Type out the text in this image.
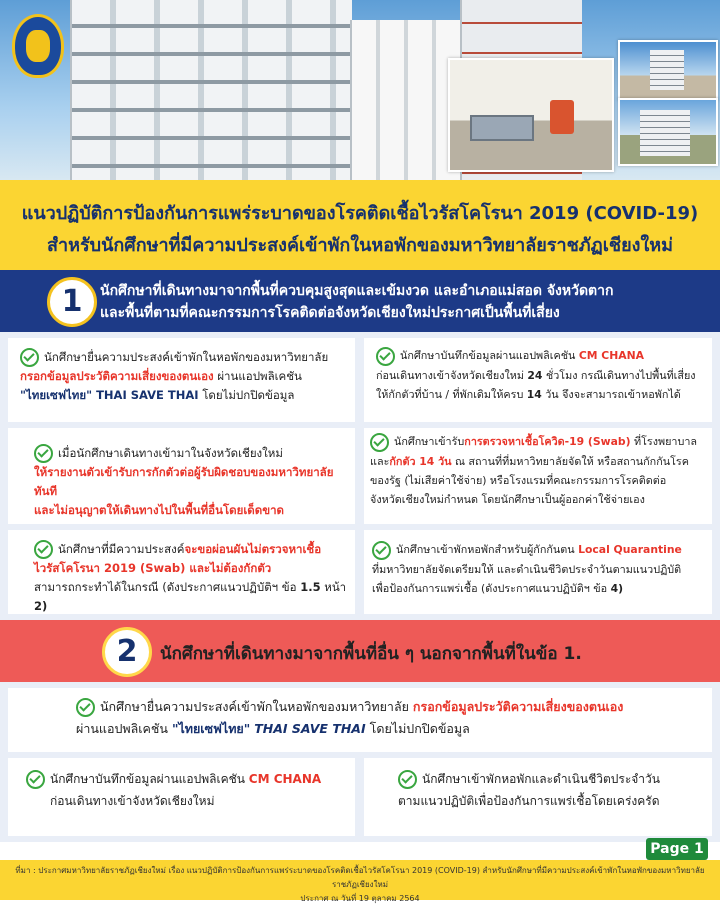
แนวปฏิบัติการป้องกันการแพร่ระบาดของโรคติดเชื้อไวรัสโคโรนา 2019 (COVID-19)
สำหรับนักศึกษาที่มีความประสงค์เข้าพักในหอพักของมหาวิทยาลัยราชภัฏเชียงใหม่
1	นักศึกษาที่เดินทางมาจากพื้นที่ควบคุมสูงสุดและเข้มงวด และอำเภอแม่สอด จังหวัดตาก
และพื้นที่ตามที่คณะกรรมการโรคติดต่อจังหวัดเชียงใหม่ประกาศเป็นพื้นที่เสี่ยง
นักศึกษายื่นความประสงค์เข้าพักในหอพักของมหาวิทยาลัย
กรอกข้อมูลประวัติความเสี่ยงของตนเอง ผ่านแอปพลิเคชัน
"ไทยเซฟไทย" THAI SAVE THAI โดยไม่ปกปิดข้อมูล
นักศึกษาบันทึกข้อมูลผ่านแอปพลิเคชัน CM CHANA
ก่อนเดินทางเข้าจังหวัดเชียงใหม่ 24 ชั่วโมง กรณีเดินทางไปพื้นที่เสี่ยง
ให้กักตัวที่บ้าน / ที่พักเดิมให้ครบ 14 วัน จึงจะสามารถเข้าหอพักได้
เมื่อนักศึกษาเดินทางเข้ามาในจังหวัดเชียงใหม่
ให้รายงานตัวเข้ารับการกักตัวต่อผู้รับผิดชอบของมหาวิทยาลัยทันที
และไม่อนุญาตให้เดินทางไปในพื้นที่อื่นโดยเด็ดขาด
นักศึกษาเข้ารับการตรวจหาเชื้อโควิด-19 (Swab) ที่โรงพยาบาล
และกักตัว 14 วัน ณ สถานที่ที่มหาวิทยาลัยจัดให้ หรือสถานกักกันโรค
ของรัฐ (ไม่เสียค่าใช้จ่าย) หรือโรงแรมที่คณะกรรมการโรคติดต่อ
จังหวัดเชียงใหม่กำหนด โดยนักศึกษาเป็นผู้ออกค่าใช้จ่ายเอง
นักศึกษาที่มีความประสงค์จะขอผ่อนผันไม่ตรวจหาเชื้อ
ไวรัสโคโรนา 2019 (Swab) และไม่ต้องกักตัว
สามารถกระทำได้ในกรณี (ดังประกาศแนวปฏิบัติฯ ข้อ 1.5 หน้า 2)
นักศึกษาเข้าพักหอพักสำหรับผู้กักกันตน Local Quarantine
ที่มหาวิทยาลัยจัดเตรียมให้ และดำเนินชีวิตประจำวันตามแนวปฏิบัติ
เพื่อป้องกันการแพร่เชื้อ (ดังประกาศแนวปฏิบัติฯ ข้อ 4)
2	นักศึกษาที่เดินทางมาจากพื้นที่อื่น ๆ นอกจากพื้นที่ในข้อ 1.
นักศึกษายื่นความประสงค์เข้าพักในหอพักของมหาวิทยาลัย กรอกข้อมูลประวัติความเสี่ยงของตนเอง
ผ่านแอปพลิเคชัน "ไทยเซฟไทย" THAI SAVE THAI โดยไม่ปกปิดข้อมูล
นักศึกษาบันทึกข้อมูลผ่านแอปพลิเคชัน CM CHANA
ก่อนเดินทางเข้าจังหวัดเชียงใหม่
นักศึกษาเข้าพักหอพักและดำเนินชีวิตประจำวัน
ตามแนวปฏิบัติเพื่อป้องกันการแพร่เชื้อโดยเคร่งครัด
Page 1
ที่มา : ประกาศมหาวิทยาลัยราชภัฏเชียงใหม่ เรื่อง แนวปฏิบัติการป้องกันการแพร่ระบาดของโรคติดเชื้อไวรัสโคโรนา 2019 (COVID-19) สำหรับนักศึกษาที่มีความประสงค์เข้าพักในหอพักของมหาวิทยาลัยราชภัฏเชียงใหม่
ประกาศ ณ วันที่ 19 ตุลาคม 2564
